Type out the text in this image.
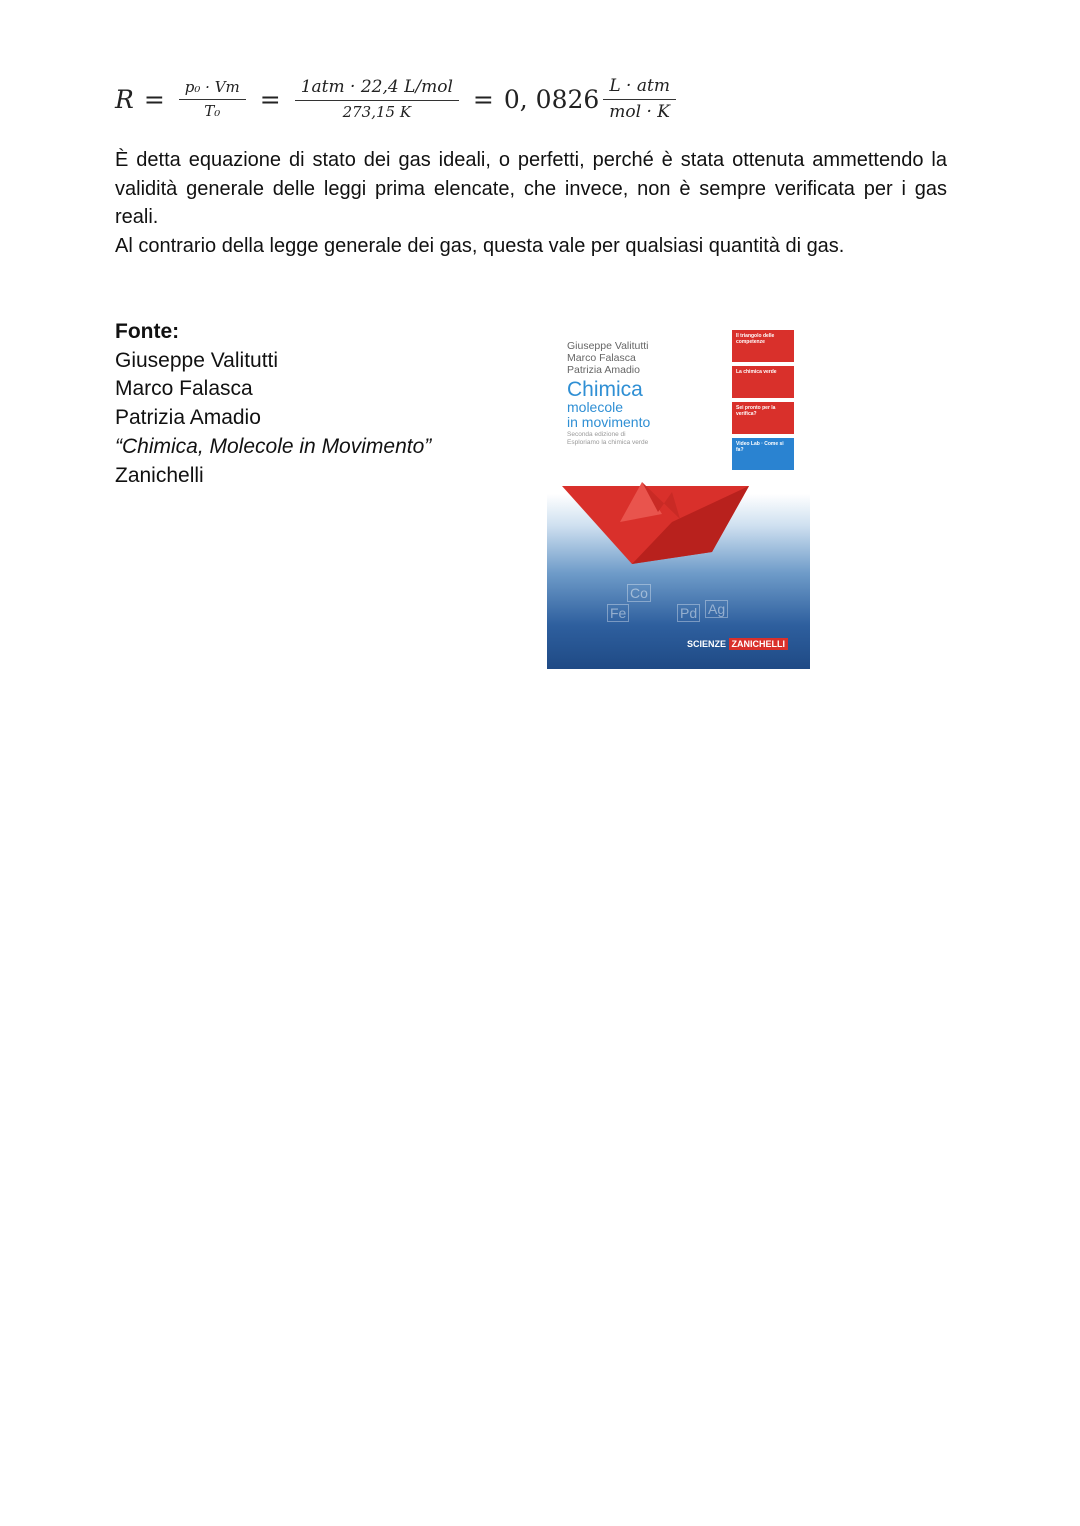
$R = \frac{\text{p₀ · Vm}}{\text{T₀}} = \frac{\text{1atm · 22,4 L/mol}}{273,15 K} = 0$, $0826 \frac{\text{L · atm}}{\text{mol · K}}$

È detta equazione di stato dei gas ideali, o perfetti, perché è stata ottenuta ammettendo la validità generale delle leggi prima elencate, che invece, non è sempre verificata per i gas reali.

Al contrario della legge generale dei gas, questa vale per qualsiasi quantità di gas.

Fonte:
Giuseppe Valitutti
Marco Falasca
Patrizia Amadio
“Chimica, Molecole in Movimento”
Zanichelli
Pd Ag
Co
Fe
Giuseppe Valitutti
Marco Falasca
Patrizia Amadio
Chimica
molecole
in movimento
Seconda edizione di
Esploriamo la chimica verde
Il triangolo delle competenze
La chimica verde
Sei pronto per la verifica?
Video Lab · Come si fa?
SCIENZE ZANICHELLI
